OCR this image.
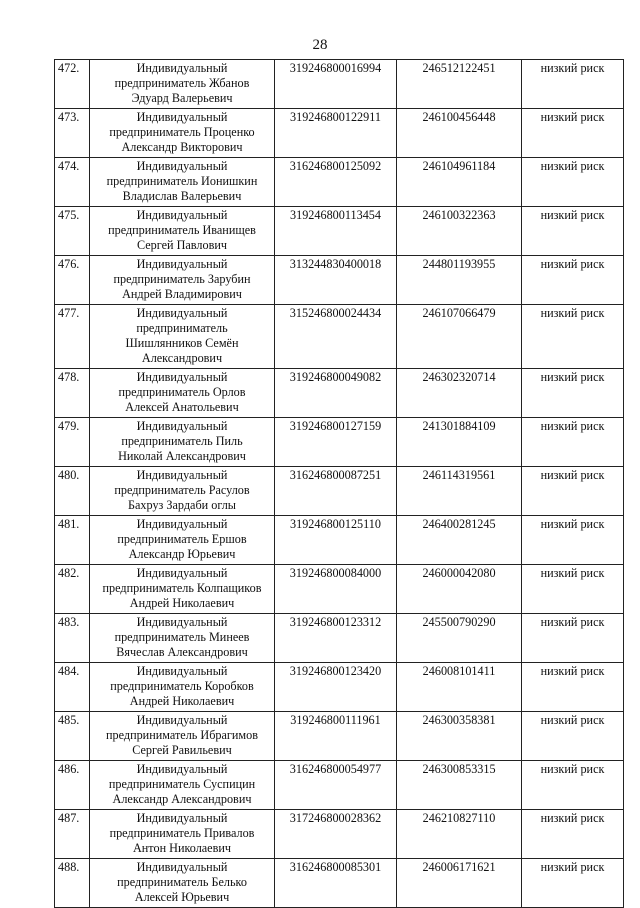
28
472.	Индивидуальный
предприниматель Жбанов
Эдуард Валерьевич	319246800016994	246512122451	низкий риск
473.	Индивидуальный
предприниматель Проценко
Александр Викторович	319246800122911	246100456448	низкий риск
474.	Индивидуальный
предприниматель Ионишкин
Владислав Валерьевич	316246800125092	246104961184	низкий риск
475.	Индивидуальный
предприниматель Иванищев
Сергей Павлович	319246800113454	246100322363	низкий риск
476.	Индивидуальный
предприниматель Зарубин
Андрей Владимирович	313244830400018	244801193955	низкий риск
477.	Индивидуальный
предприниматель
Шишлянников Семён
Александрович	315246800024434	246107066479	низкий риск
478.	Индивидуальный
предприниматель Орлов
Алексей Анатольевич	319246800049082	246302320714	низкий риск
479.	Индивидуальный
предприниматель Пиль
Николай Александрович	319246800127159	241301884109	низкий риск
480.	Индивидуальный
предприниматель Расулов
Бахруз Зардаби оглы	316246800087251	246114319561	низкий риск
481.	Индивидуальный
предприниматель Ершов
Александр Юрьевич	319246800125110	246400281245	низкий риск
482.	Индивидуальный
предприниматель Колпащиков
Андрей Николаевич	319246800084000	246000042080	низкий риск
483.	Индивидуальный
предприниматель Минеев
Вячеслав Александрович	319246800123312	245500790290	низкий риск
484.	Индивидуальный
предприниматель Коробков
Андрей Николаевич	319246800123420	246008101411	низкий риск
485.	Индивидуальный
предприниматель Ибрагимов
Сергей Равильевич	319246800111961	246300358381	низкий риск
486.	Индивидуальный
предприниматель Суспицин
Александр Александрович	316246800054977	246300853315	низкий риск
487.	Индивидуальный
предприниматель Привалов
Антон Николаевич	317246800028362	246210827110	низкий риск
488.	Индивидуальный
предприниматель Белько
Алексей Юрьевич	316246800085301	246006171621	низкий риск
